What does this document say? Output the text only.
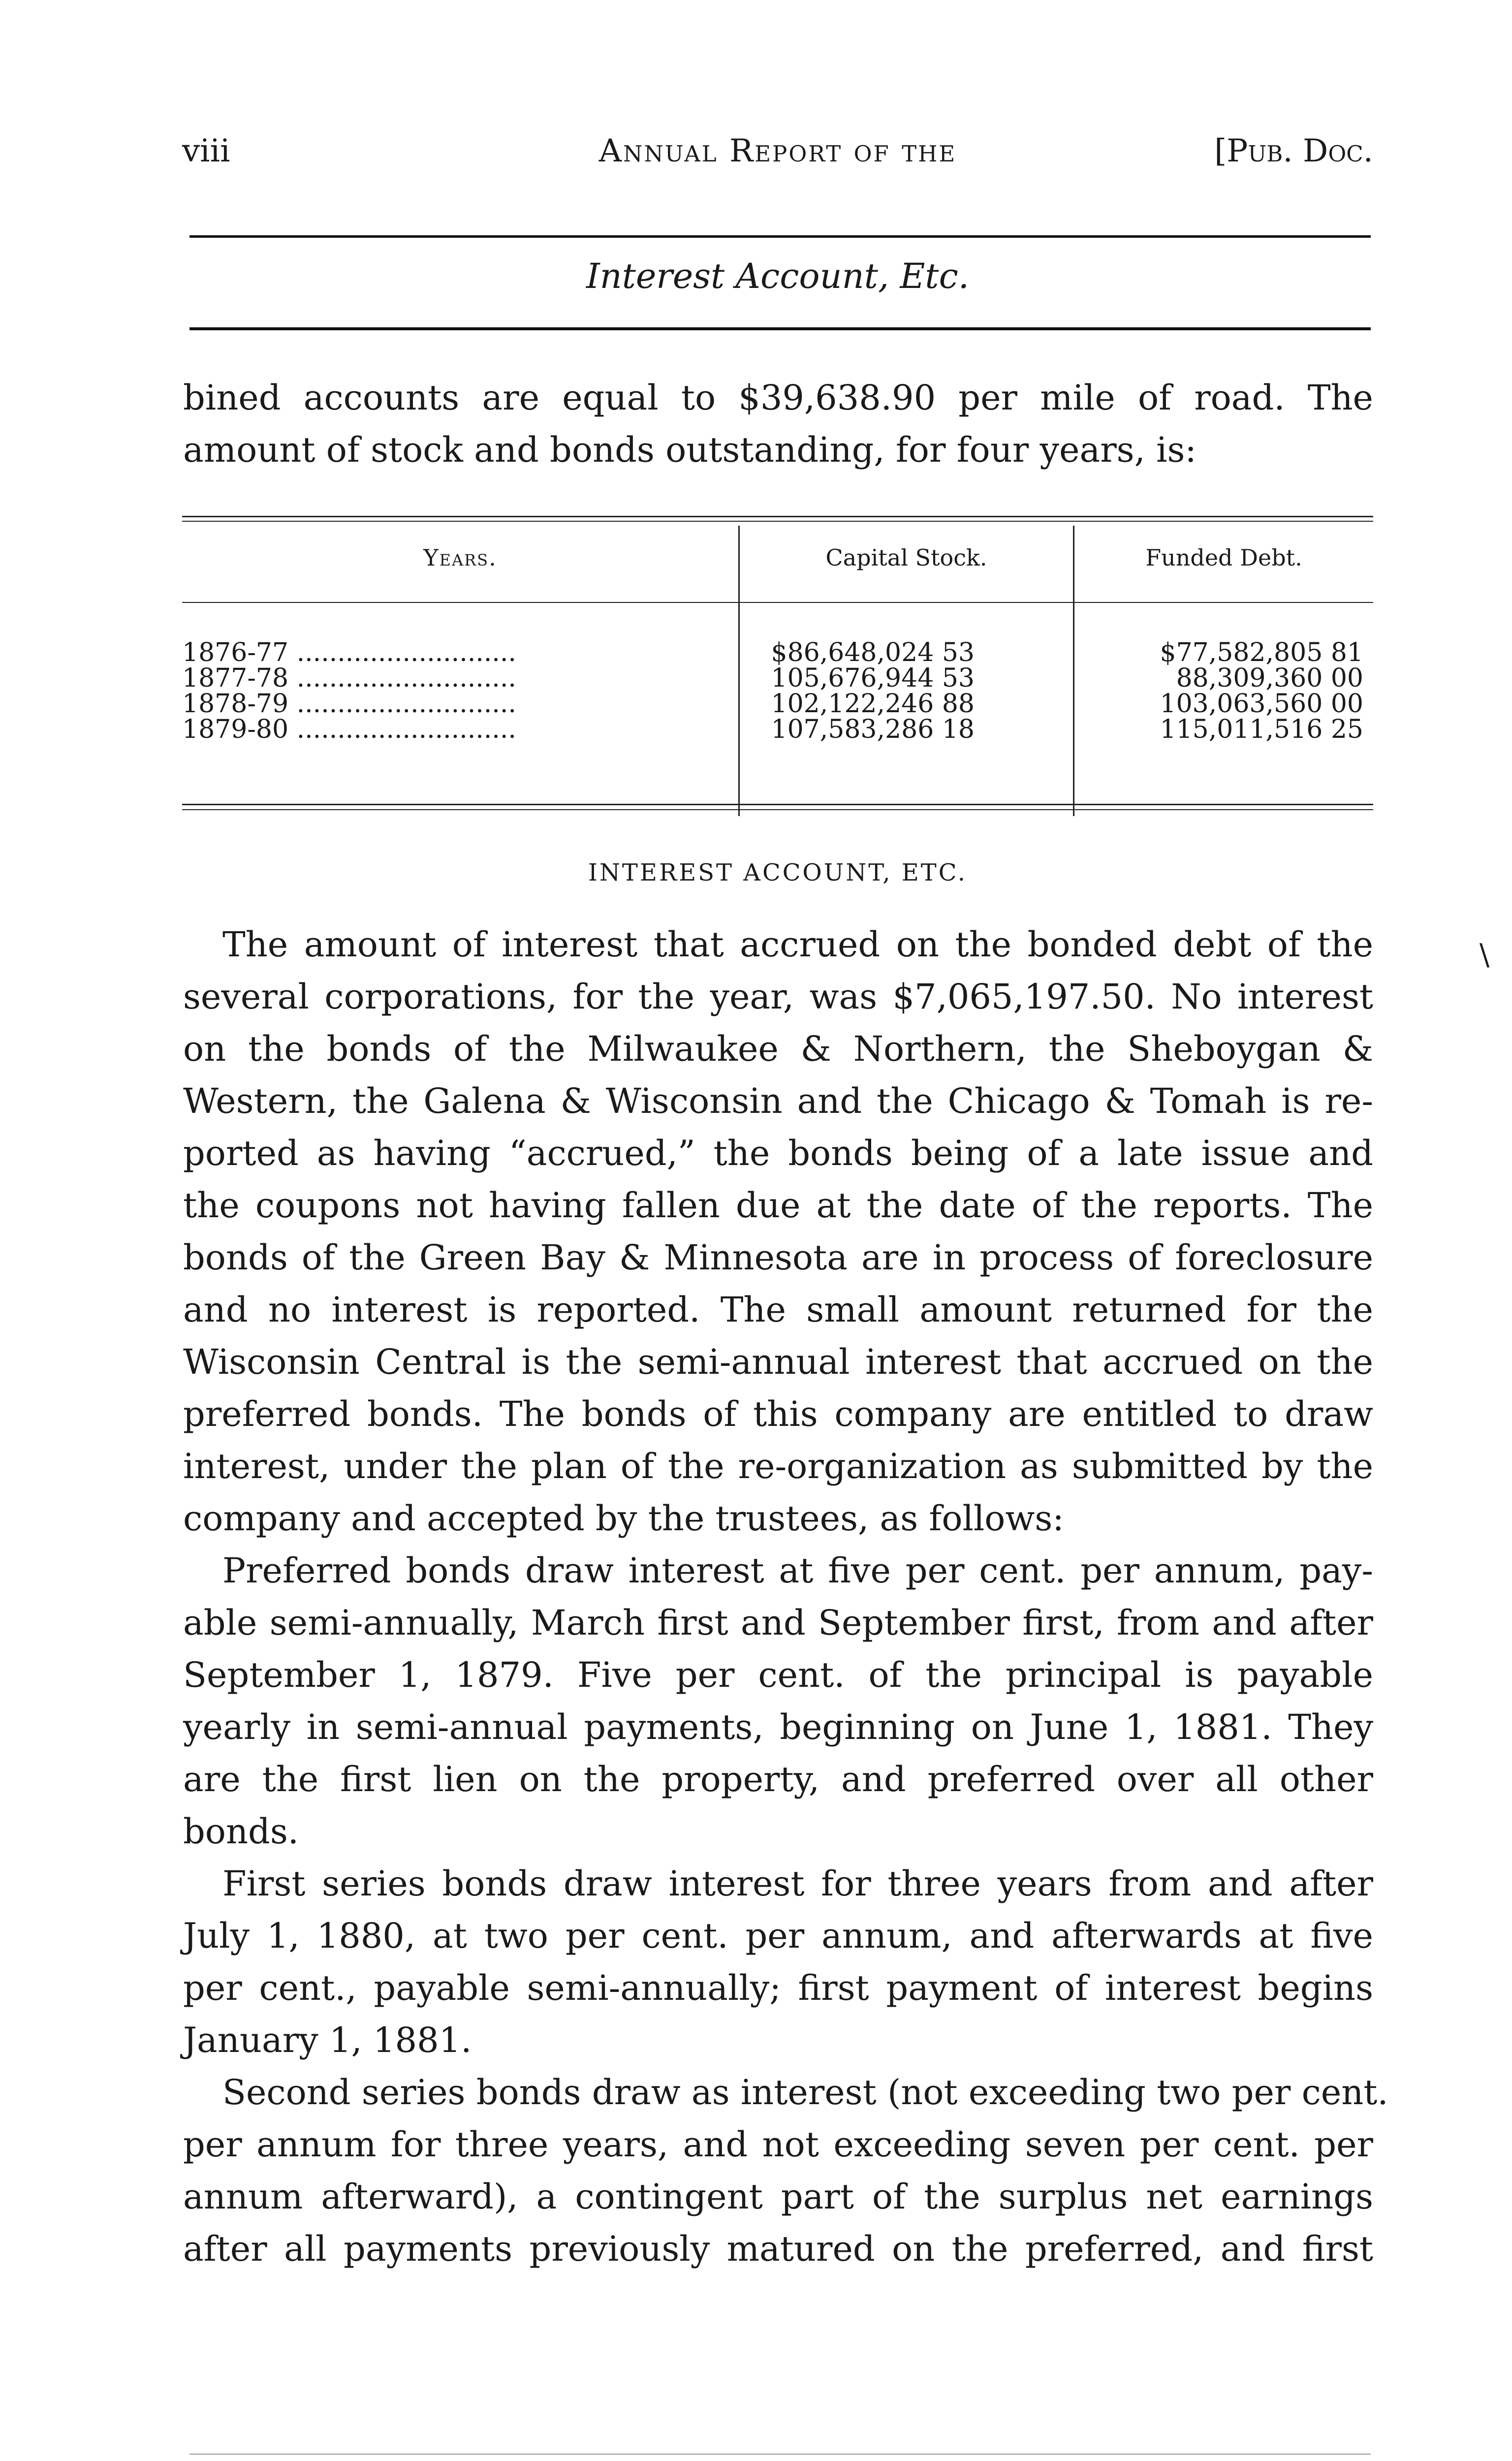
viii	Annual Report of the	[Pub. Doc.
Interest Account, Etc.
bined accounts are equal to $39,638.90 per mile of road. The
amount of stock and bonds outstanding, for four years, is:
Years.	Capital Stock.	Funded Debt.
1876-77 ...........................	$86,648,024 53	$77,582,805 81
1877-78 ...........................	105,676,944 53	88,309,360 00
1878-79 ...........................	102,122,246 88	103,063,560 00
1879-80 ...........................	107,583,286 18	115,011,516 25
INTEREST ACCOUNT, ETC.
\
The amount of interest that accrued on the bonded debt of the
several corporations, for the year, was $7,065,197.50. No interest
on the bonds of the Milwaukee & Northern, the Sheboygan &
Western, the Galena & Wisconsin and the Chicago & Tomah is re-
ported as having “accrued,” the bonds being of a late issue and
the coupons not having fallen due at the date of the reports. The
bonds of the Green Bay & Minnesota are in process of foreclosure
and no interest is reported. The small amount returned for the
Wisconsin Central is the semi-annual interest that accrued on the
preferred bonds. The bonds of this company are entitled to draw
interest, under the plan of the re-organization as submitted by the
company and accepted by the trustees, as follows:
Preferred bonds draw interest at five per cent. per annum, pay-
able semi-annually, March first and September first, from and after
September 1, 1879. Five per cent. of the principal is payable
yearly in semi-annual payments, beginning on June 1, 1881. They
are the first lien on the property, and preferred over all other
bonds.
First series bonds draw interest for three years from and after
July 1, 1880, at two per cent. per annum, and afterwards at five
per cent., payable semi-annually; first payment of interest begins
January 1, 1881.
Second series bonds draw as interest (not exceeding two per cent.
per annum for three years, and not exceeding seven per cent. per
annum afterward), a contingent part of the surplus net earnings
after all payments previously matured on the preferred, and first
